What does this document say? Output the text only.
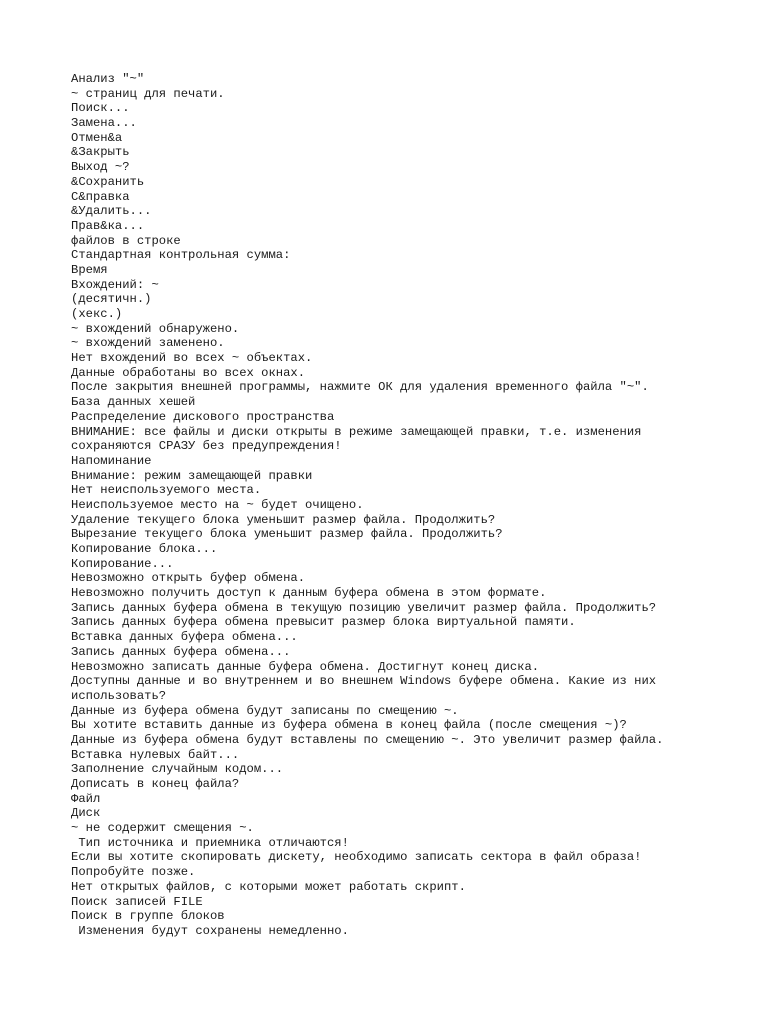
Анализ "~"
~ страниц для печати.
Поиск...
Замена...
Отмен&а
&Закрыть
Выход ~?
&Сохранить
С&правка
&Удалить...
Прав&ка...
файлов в строке
Стандартная контрольная сумма:
Время
Вхождений: ~
(десятичн.)
(хекс.)
~ вхождений обнаружено.
~ вхождений заменено.
Нет вхождений во всех ~ объектах.
Данные обработаны во всех окнах.
После закрытия внешней программы, нажмите ОК для удаления временного файла "~".
База данных хешей
Распределение дискового пространства
ВНИМАНИЕ: все файлы и диски открыты в режиме замещающей правки, т.е. изменения
сохраняются СРАЗУ без предупреждения!
Напоминание
Внимание: режим замещающей правки
Нет неиспользуемого места.
Неиспользуемое место на ~ будет очищено.
Удаление текущего блока уменьшит размер файла. Продолжить?
Вырезание текущего блока уменьшит размер файла. Продолжить?
Копирование блока...
Копирование...
Невозможно открыть буфер обмена.
Невозможно получить доступ к данным буфера обмена в этом формате.
Запись данных буфера обмена в текущую позицию увеличит размер файла. Продолжить?
Запись данных буфера обмена превысит размер блока виртуальной памяти.
Вставка данных буфера обмена...
Запись данных буфера обмена...
Невозможно записать данные буфера обмена. Достигнут конец диска.
Доступны данные и во внутреннем и во внешнем Windows буфере обмена. Какие из них
использовать?
Данные из буфера обмена будут записаны по смещению ~.
Вы хотите вставить данные из буфера обмена в конец файла (после смещения ~)?
Данные из буфера обмена будут вставлены по смещению ~. Это увеличит размер файла.
Вставка нулевых байт...
Заполнение случайным кодом...
Дописать в конец файла?
Файл
Диск
~ не содержит смещения ~.
Тип источника и приемника отличаются!
Если вы хотите скопировать дискету, необходимо записать сектора в файл образа!
Попробуйте позже.
Нет открытых файлов, с которыми может работать скрипт.
Поиск записей FILE
Поиск в группе блоков
Изменения будут сохранены немедленно.
